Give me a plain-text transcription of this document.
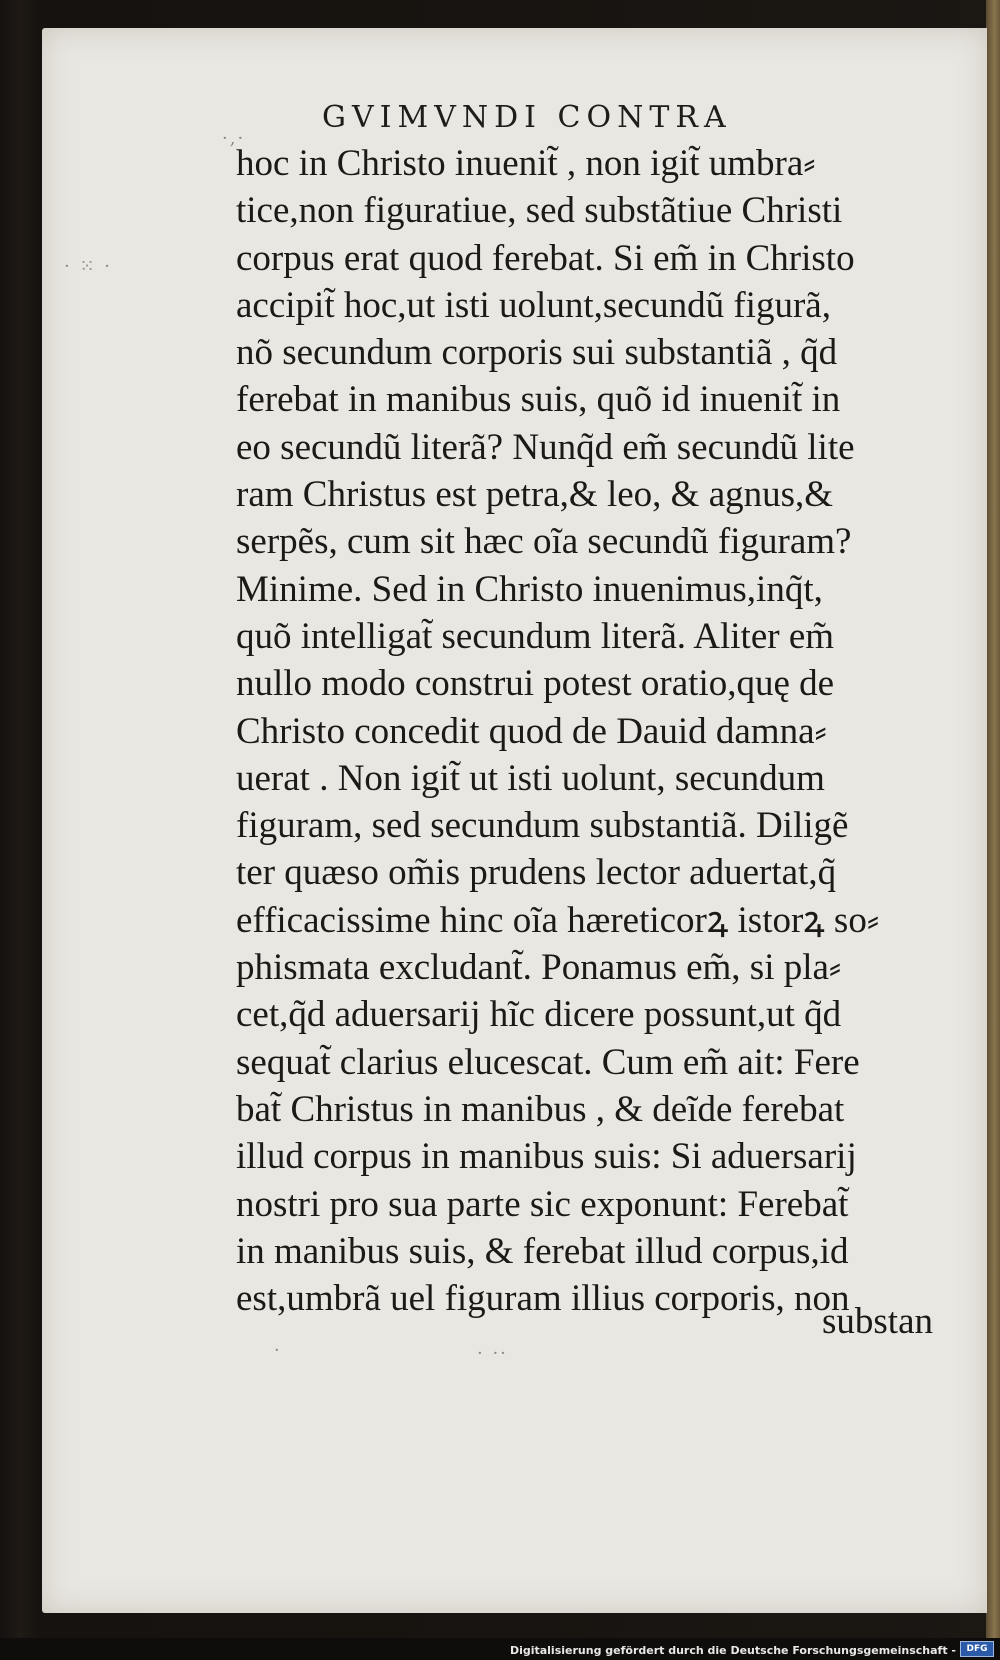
·,·
· ⁙ ·
·	· ··
GVIMVNDI CONTRA
hoc in Christo inuenit̃ , non igit̃ umbra⸗
tice,non figuratiue, sed substãtiue Christi
corpus erat quod ferebat. Si em̃ in Christo
accipit̃ hoc,ut isti uolunt,secundũ figurã,
nõ secundum corporis sui substantiã , q̃d
ferebat in manibus suis, quõ id inuenit̃ in
eo secundũ literã? Nunq̃d em̃ secundũ lite
ram Christus est petra,& leo, & agnus,&
serpẽs, cum sit hæc oĩa secundũ figuram?
Minime. Sed in Christo inuenimus,inq̃t,
quõ intelligat̃ secundum literã. Aliter em̃
nullo modo construi potest oratio,quę de
Christo concedit quod de Dauid damna⸗
uerat . Non igit̃ ut isti uolunt, secundum
figuram, sed secundum substantiã. Diligẽ
ter quæso om̃is prudens lector aduertat,q̃
efficacissime hinc oĩa hæreticorꝝ istorꝝ so⸗
phismata excludant̃. Ponamus em̃, si pla⸗
cet,q̃d aduersarij hĩc dicere possunt,ut q̃d
sequat̃ clarius elucescat. Cum em̃ ait: Fere
bat̃ Christus in manibus , & deĩde ferebat
illud corpus in manibus suis: Si aduersarij
nostri pro sua parte sic exponunt: Ferebat̃
in manibus suis, & ferebat illud corpus,id
est,umbrã uel figuram illius corporis, non
substan
Digitalisierung gefördert durch die Deutsche Forschungsgemeinschaft -	DFG
